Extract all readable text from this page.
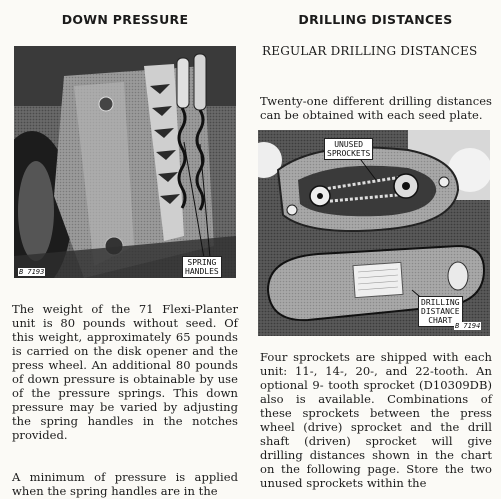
DOWN PRESSURE
SPRING
HANDLES
B 7193

The weight of the 71 Flexi-Planter unit is 80 pounds without seed. Of this weight, approximately 65 pounds is carried on the disk opener and the press wheel. An additional 80 pounds of down pressure is obtainable by use of the pressure springs. This down pressure may be varied by adjusting the spring handles in the notches provided.

A minimum of pressure is applied when the spring handles are in the

DRILLING DISTANCES
REGULAR DRILLING DISTANCES

Twenty-one different drilling distances can be obtained with each seed plate.

UNUSED
SPROCKETS
DRILLING
DISTANCE
CHART
B 7194

Four sprockets are shipped with each unit: 11-, 14-, 20-, and 22-tooth. An optional 9- tooth sprocket (D10309DB) also is available. Combinations of these sprockets between the press wheel (drive) sprocket and the drill shaft (driven) sprocket will give drilling distances shown in the chart on the following page. Store the two unused sprockets within the
